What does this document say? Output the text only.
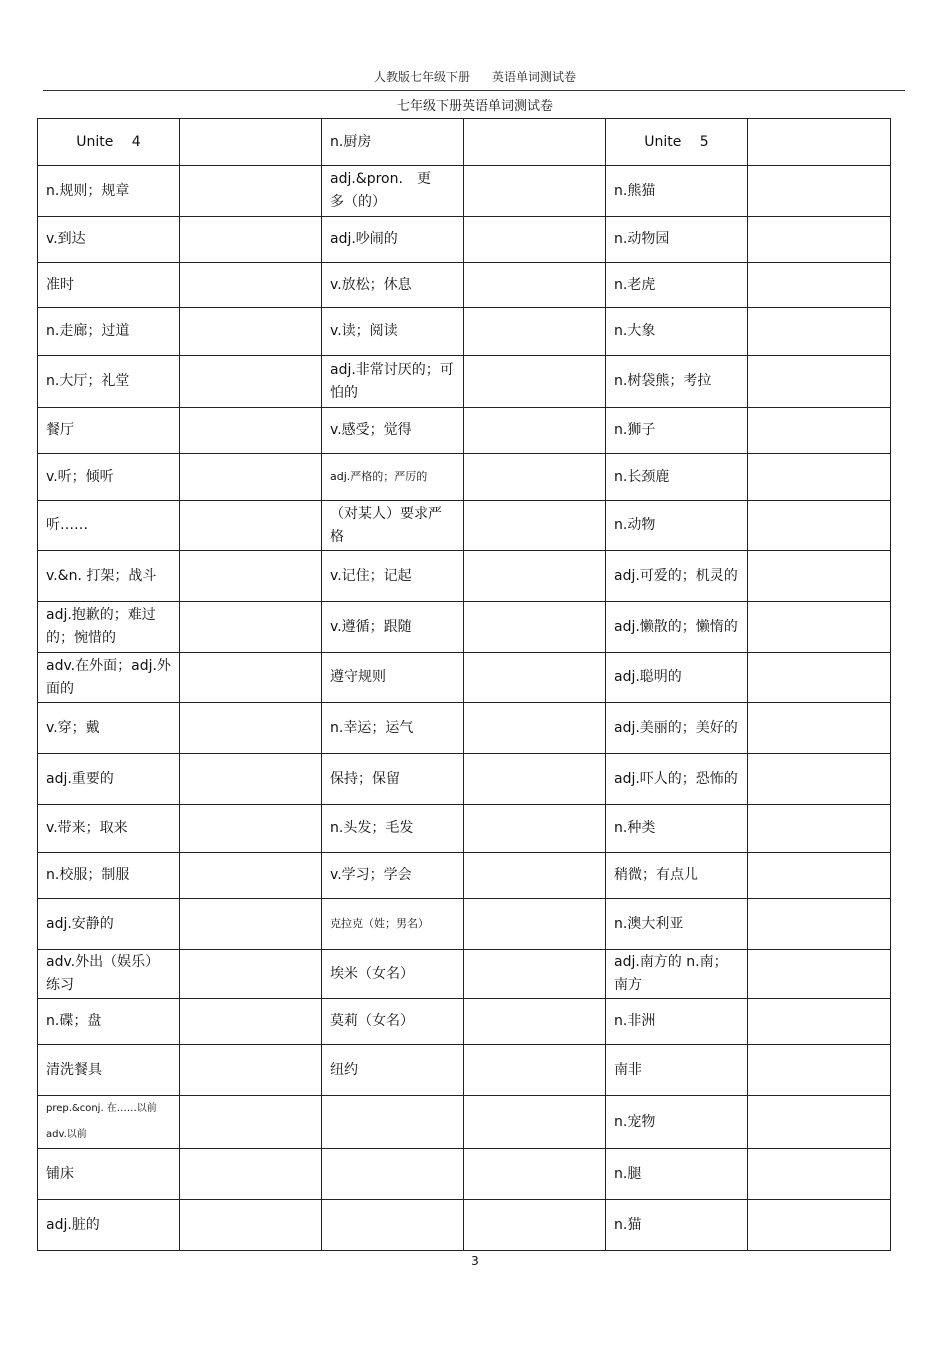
人教版七年级下册 英语单词测试卷
七年级下册英语单词测试卷
Unite　 4		n.厨房		Unite　 5	
n.规则；规章		adj.&pron.　更　多（的）		n.熊猫	
v.到达		adj.吵闹的		n.动物园	
准时		v.放松；休息		n.老虎	
n.走廊；过道		v.读；阅读		n.大象	
n.大厅；礼堂		adj.非常讨厌的；可怕的		n.树袋熊；考拉	
餐厅		v.感受；觉得		n.狮子	
v.听；倾听		adj.严格的；严厉的		n.长颈鹿	
听……		（对某人）要求严格		n.动物	
v.&n. 打架；战斗		v.记住；记起		adj.可爱的；机灵的	
adj.抱歉的；难过的；惋惜的		v.遵循；跟随		adj.懒散的；懒惰的	
adv.在外面；adj.外面的		遵守规则		adj.聪明的	
v.穿；戴		n.幸运；运气		adj.美丽的；美好的	
adj.重要的		保持；保留		adj.吓人的；恐怖的	
v.带来；取来		n.头发；毛发		n.种类	
n.校服；制服		v.学习；学会		稍微；有点儿	
adj.安静的		克拉克（姓；男名）		n.澳大利亚	
adv.外出（娱乐）练习		埃米（女名）		adj.南方的 n.南；南方	
n.碟；盘		莫莉（女名）		n.非洲	
清洗餐具		纽约		南非	
prep.&conj. 在……以前 adv.以前				n.宠物	
铺床				n.腿	
adj.脏的				n.猫	
3
